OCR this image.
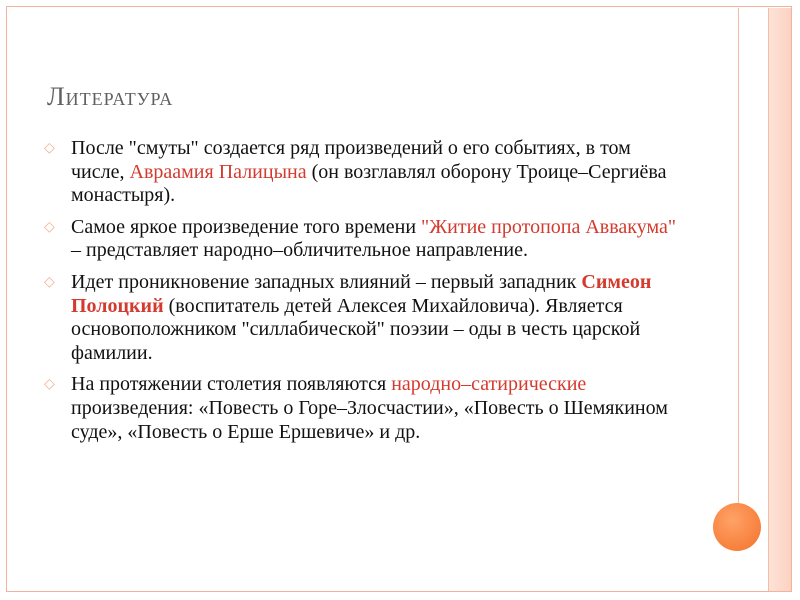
Литература
◇ После "смуты" создается ряд произведений о его событиях, в том числе, Авраамия Палицына (он возглавлял оборону Троице–Сергиёва монастыря).
◇ Самое яркое произведение того времени "Житие протопопа Аввакума" – представляет народно–обличительное направление.
◇ Идет проникновение западных влияний – первый западник Симеон Полоцкий (воспитатель детей Алексея Михайловича). Является основоположником "силлабической" поэзии – оды в честь царской фамилии.
◇ На протяжении столетия появляются народно–сатирические произведения: «Повесть о Горе–Злосчастии», «Повесть о Шемякином суде», «Повесть о Ерше Ершевиче» и др.
